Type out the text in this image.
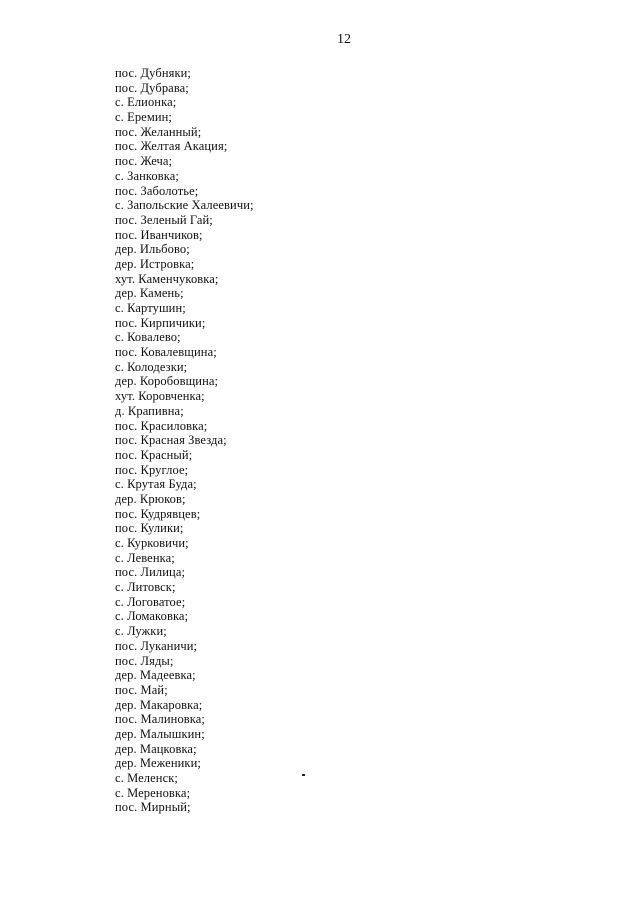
12
пос. Дубняки;
пос. Дубрава;
с. Елионка;
с. Еремин;
пос. Желанный;
пос. Желтая Акация;
пос. Жеча;
с. Занковка;
пос. Заболотье;
с. Запольские Халеевичи;
пос. Зеленый Гай;
пос. Иванчиков;
дер. Ильбово;
дер. Истровка;
хут. Каменчуковка;
дер. Камень;
с. Картушин;
пос. Кирпичики;
с. Ковалево;
пос. Ковалевщина;
с. Колодезки;
дер. Коробовщина;
хут. Коровченка;
д. Крапивна;
пос. Красиловка;
пос. Красная Звезда;
пос. Красный;
пос. Круглое;
с. Крутая Буда;
дер. Крюков;
пос. Кудрявцев;
пос. Кулики;
с. Курковичи;
с. Левенка;
пос. Лилица;
с. Литовск;
с. Логоватое;
с. Ломаковка;
с. Лужки;
пос. Луканичи;
пос. Ляды;
дер. Мадеевка;
пос. Май;
дер. Макаровка;
пос. Малиновка;
дер. Малышкин;
дер. Мацковка;
дер. Меженики;
с. Меленск;
с. Мереновка;
пос. Мирный;
